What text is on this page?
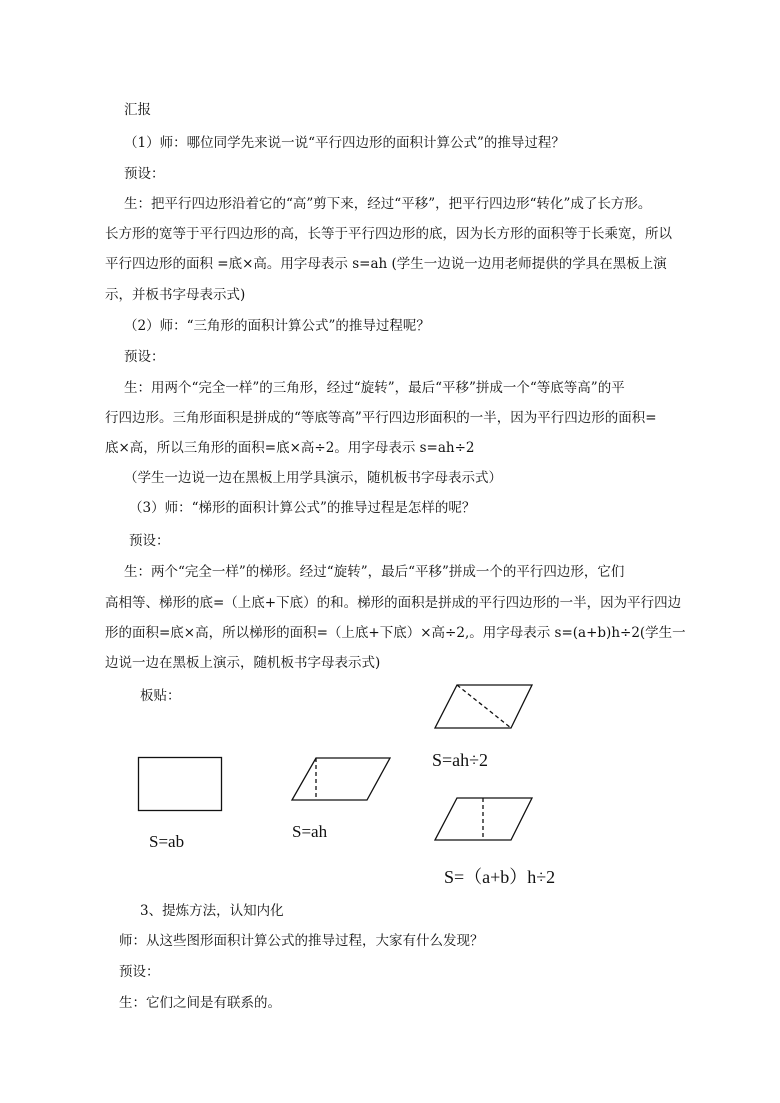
汇报
（1）师：哪位同学先来说一说“平行四边形的面积计算公式”的推导过程？
预设：
生：把平行四边形沿着它的“高”剪下来，经过“平移”，把平行四边形“转化”成了长方形。
长方形的宽等于平行四边形的高，长等于平行四边形的底，因为长方形的面积等于长乘宽，所以
平行四边形的面积 =底×高。用字母表示 s=ah (学生一边说一边用老师提供的学具在黑板上演
示，并板书字母表示式)
（2）师：“三角形的面积计算公式”的推导过程呢？
预设：
生：用两个“完全一样”的三角形，经过“旋转”，最后“平移”拼成一个“等底等高”的平
行四边形。三角形面积是拼成的“等底等高”平行四边形面积的一半，因为平行四边形的面积=
底×高，所以三角形的面积=底×高÷2。用字母表示 s=ah÷2
（学生一边说一边在黑板上用学具演示，随机板书字母表示式）
（3）师：“梯形的面积计算公式”的推导过程是怎样的呢？
预设：
生：两个“完全一样”的梯形。经过“旋转”，最后“平移”拼成一个的平行四边形，它们
高相等、梯形的底=（上底+下底）的和。梯形的面积是拼成的平行四边形的一半，因为平行四边
形的面积=底×高，所以梯形的面积=（上底+下底）×高÷2,。用字母表示 s=(a+b)h÷2(学生一
边说一边在黑板上演示，随机板书字母表示式)
板贴：
3、提炼方法，认知内化
师：从这些图形面积计算公式的推导过程，大家有什么发现？
预设：
生：它们之间是有联系的。
S=ab
S=ah
S=ah÷2
S=（a+b）h÷2
